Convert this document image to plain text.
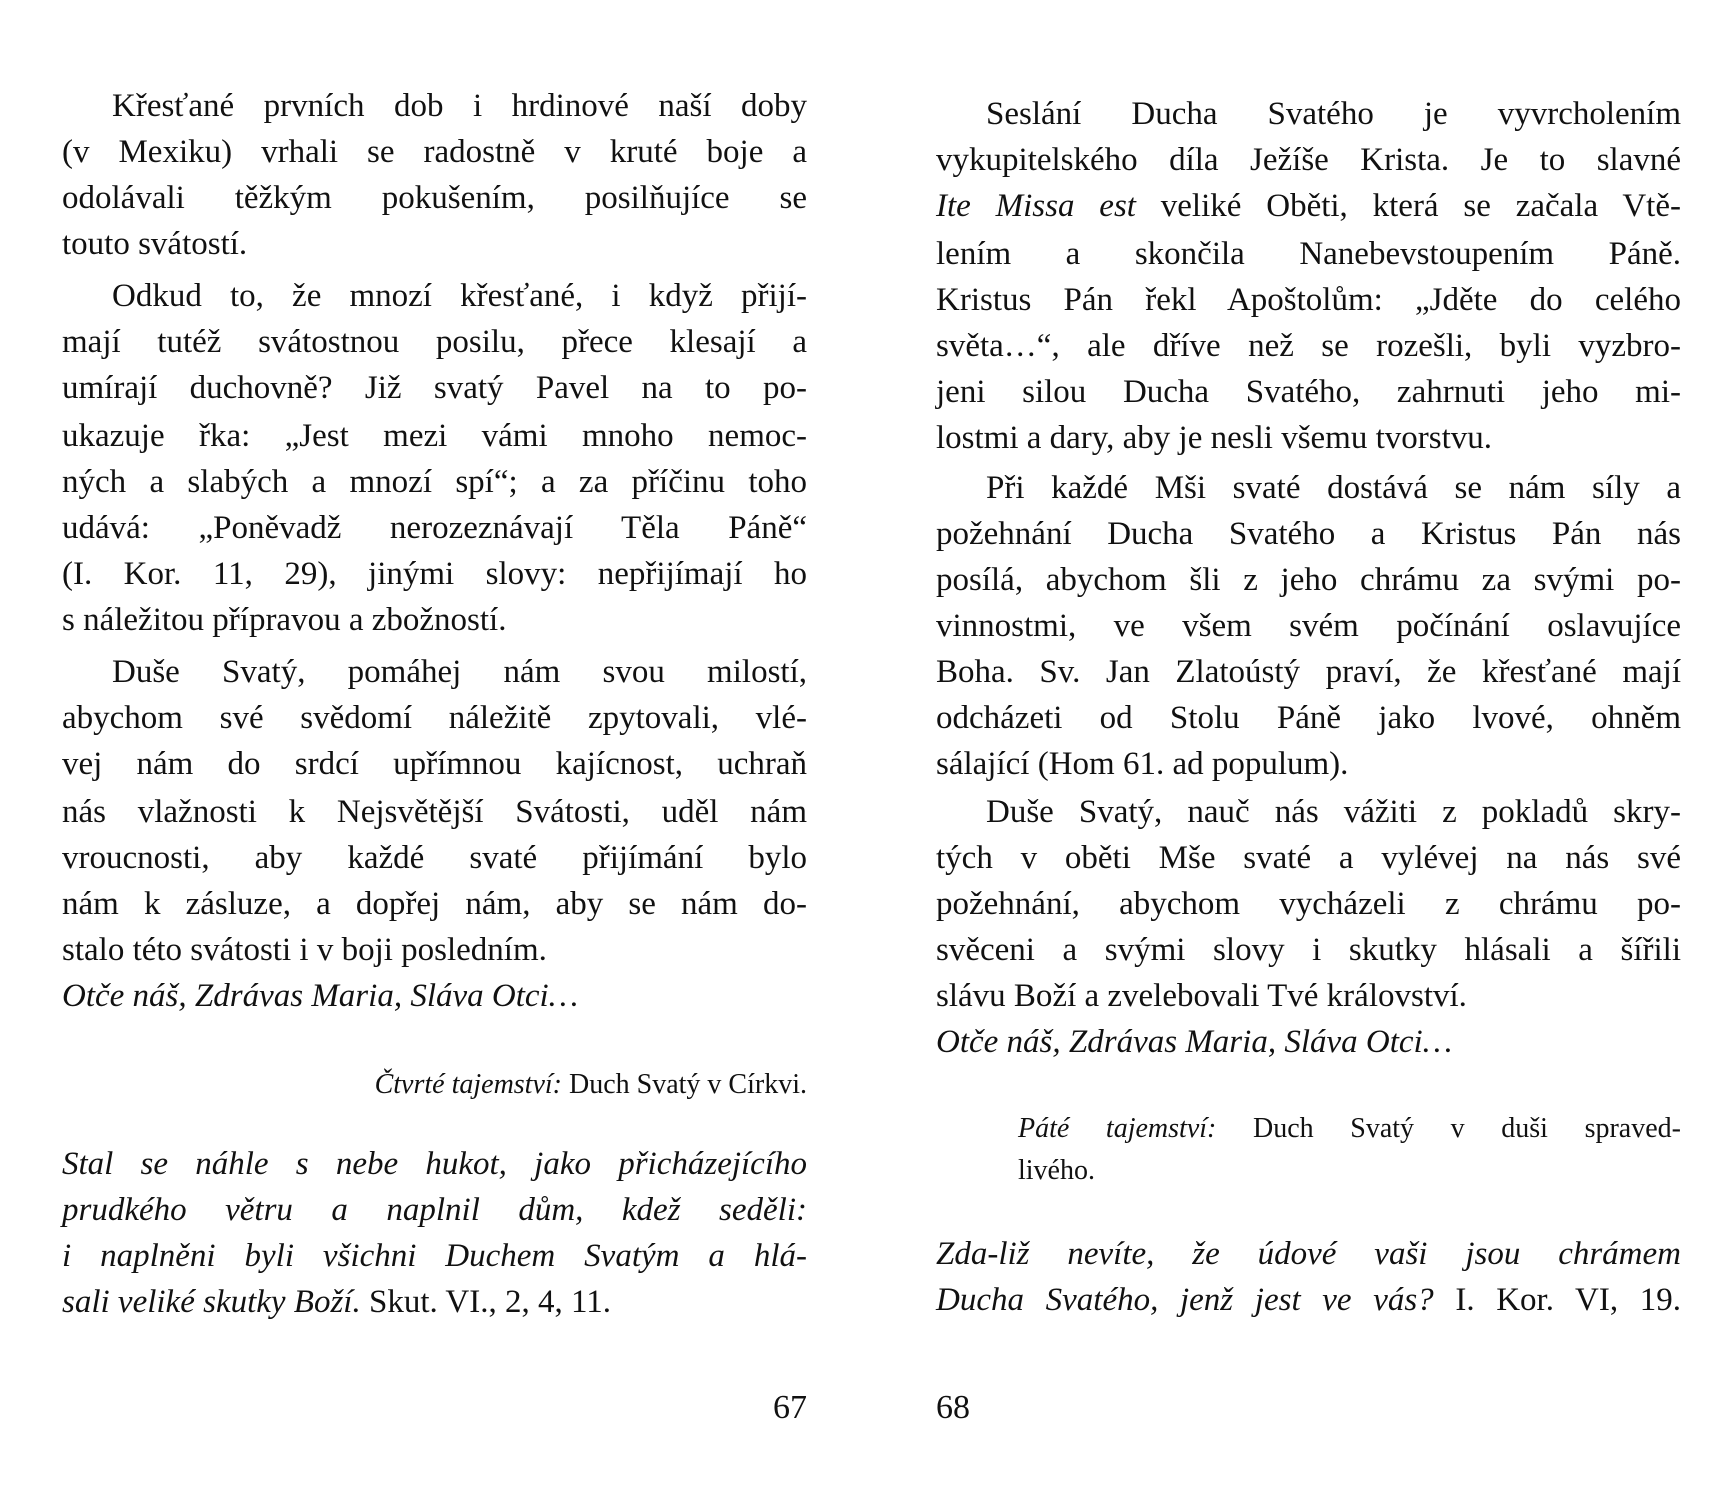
Křesťané prvních dob i hrdinové naší doby
(v Mexiku) vrhali se radostně v kruté boje a
odolávali těžkým pokušením, posilňujíce se
touto svátostí.
Odkud to, že mnozí křesťané, i když přijí-
mají tutéž svátostnou posilu, přece klesají a
umírají duchovně? Již svatý Pavel na to po-
ukazuje řka: „Jest mezi vámi mnoho nemoc-
ných a slabých a mnozí spí“; a za příčinu toho
udává: „Poněvadž nerozeznávají Těla Páně“
(I. Kor. 11, 29), jinými slovy: nepřijímají ho
s náležitou přípravou a zbožností.
Duše Svatý, pomáhej nám svou milostí,
abychom své svědomí náležitě zpytovali, vlé-
vej nám do srdcí upřímnou kajícnost, uchraň
nás vlažnosti k Nejsvětější Svátosti, uděl nám
vroucnosti, aby každé svaté přijímání bylo
nám k zásluze, a dopřej nám, aby se nám do-
stalo této svátosti i v boji posledním.
Otče náš, Zdrávas Maria, Sláva Otci…
Čtvrté tajemství: Duch Svatý v Církvi.
Stal se náhle s nebe hukot, jako přicházejícího
prudkého větru a naplnil dům, kdež seděli:
i naplněni byli všichni Duchem Svatým a hlá-
sali veliké skutky Boží. Skut. VI., 2, 4, 11.
67
Seslání Ducha Svatého je vyvrcholením
vykupitelského díla Ježíše Krista. Je to slavné
Ite Missa est veliké Oběti, která se začala Vtě-
lením a skončila Nanebevstoupením Páně.
Kristus Pán řekl Apoštolům: „Jděte do celého
světa…“, ale dříve než se rozešli, byli vyzbro-
jeni silou Ducha Svatého, zahrnuti jeho mi-
lostmi a dary, aby je nesli všemu tvorstvu.
Při každé Mši svaté dostává se nám síly a
požehnání Ducha Svatého a Kristus Pán nás
posílá, abychom šli z jeho chrámu za svými po-
vinnostmi, ve všem svém počínání oslavujíce
Boha. Sv. Jan Zlatoústý praví, že křesťané mají
odcházeti od Stolu Páně jako lvové, ohněm
sálající (Hom 61. ad populum).
Duše Svatý, nauč nás vážiti z pokladů skry-
tých v oběti Mše svaté a vylévej na nás své
požehnání, abychom vycházeli z chrámu po-
svěceni a svými slovy i skutky hlásali a šířili
slávu Boží a zvelebovali Tvé království.
Otče náš, Zdrávas Maria, Sláva Otci…
Páté tajemství: Duch Svatý v duši spraved-
livého.
Zda-liž nevíte, že údové vaši jsou chrámem
Ducha Svatého, jenž jest ve vás? I. Kor. VI, 19.
68
